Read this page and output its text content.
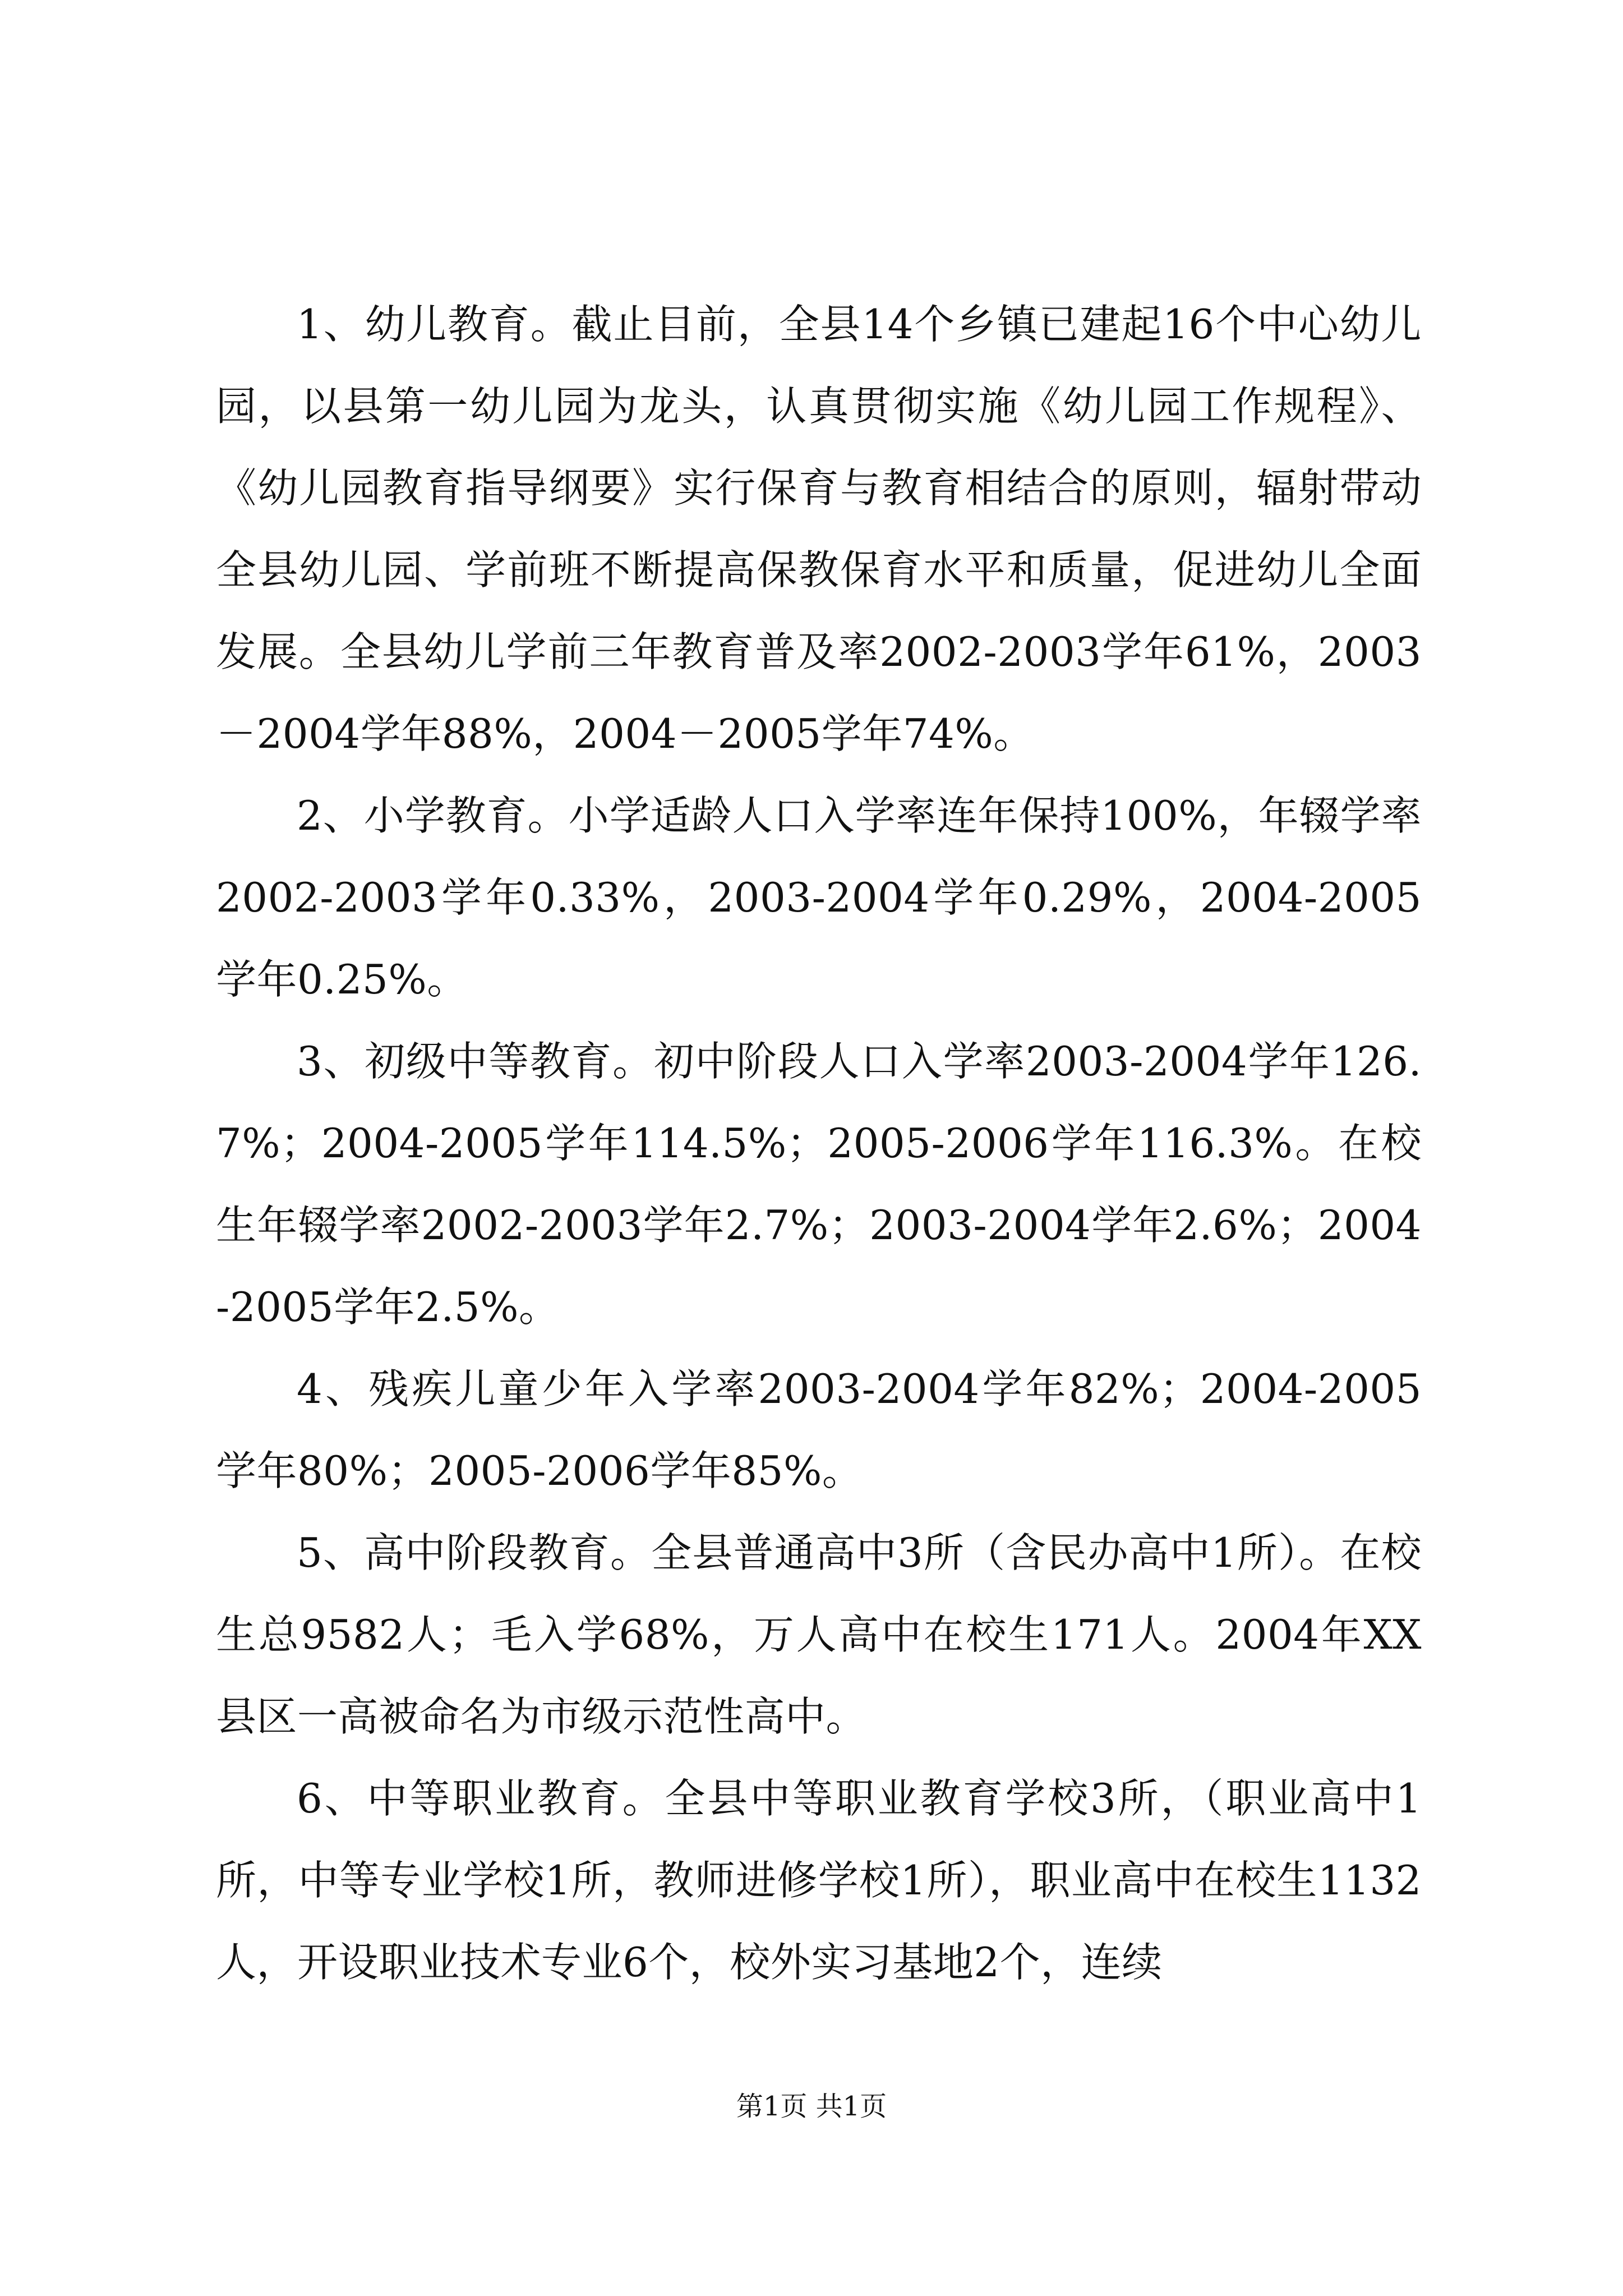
1、幼儿教育。截止目前，全县14个乡镇已建起16个中心幼儿园，以县第一幼儿园为龙头，认真贯彻实施《幼儿园工作规程》、《幼儿园教育指导纲要》实行保育与教育相结合的原则，辐射带动全县幼儿园、学前班不断提高保教保育水平和质量，促进幼儿全面发展。全县幼儿学前三年教育普及率2002-2003学年61%，2003－2004学年88%，2004－2005学年74%。

2、小学教育。小学适龄人口入学率连年保持100%，年辍学率2002-2003学年0.33%，2003-2004学年0.29%，2004-2005学年0.25%。

3、初级中等教育。初中阶段人口入学率2003-2004学年126.7%；2004-2005学年114.5%；2005-2006学年116.3%。在校生年辍学率2002-2003学年2.7%；2003-2004学年2.6%；2004-2005学年2.5%。

4、残疾儿童少年入学率2003-2004学年82%；2004-2005学年80%；2005-2006学年85%。

5、高中阶段教育。全县普通高中3所（含民办高中1所）。在校生总9582人；毛入学68%，万人高中在校生171人。2004年XX县区一高被命名为市级示范性高中。

6、中等职业教育。全县中等职业教育学校3所，（职业高中1所，中等专业学校1所，教师进修学校1所），职业高中在校生1132人，开设职业技术专业6个，校外实习基地2个，连续

第1页 共1页
